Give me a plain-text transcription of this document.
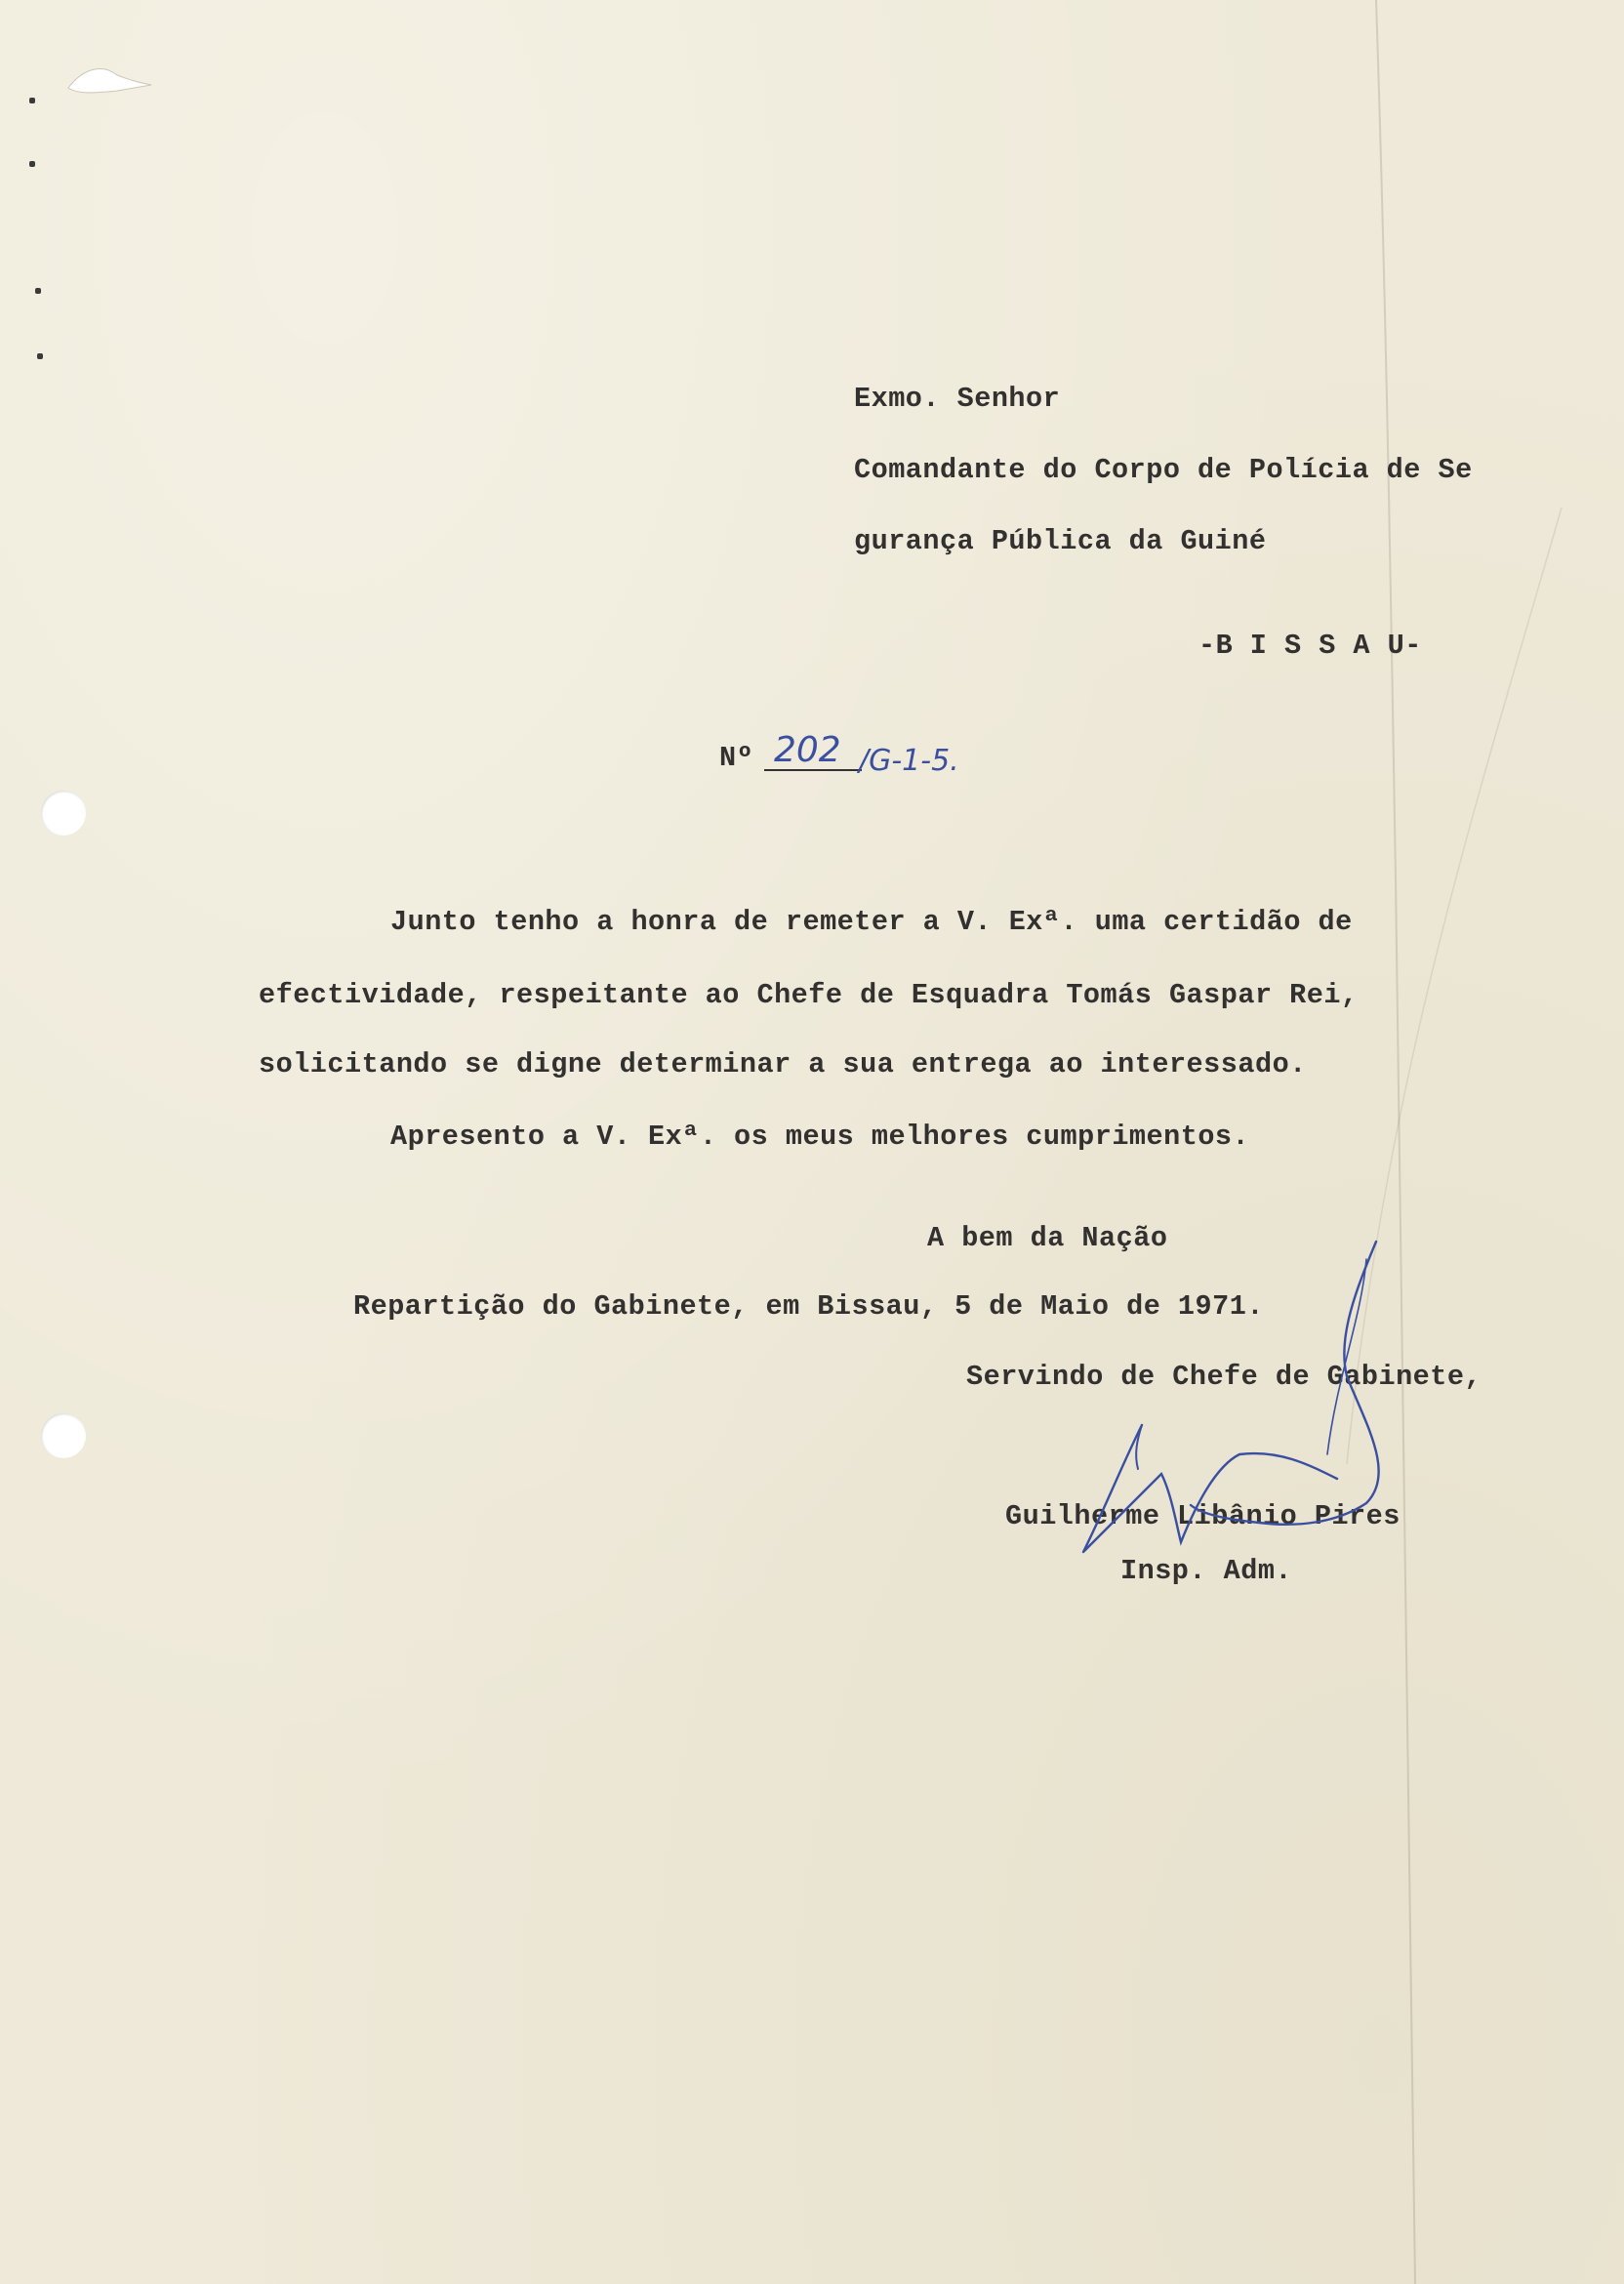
Exmo. Senhor
Comandante do Corpo de Polícia de Se
gurança Pública da Guiné
-B I S S A U-
Nº 202 /G-1-5.
Junto tenho a honra de remeter a V. Exª. uma certidão de
efectividade, respeitante ao Chefe de Esquadra Tomás Gaspar Rei,
solicitando se digne determinar a sua entrega ao interessado.
Apresento a V. Exª. os meus melhores cumprimentos.
A bem da Nação
Repartição do Gabinete, em Bissau, 5 de Maio de 1971.
Servindo de Chefe de Gabinete,
Guilherme Libânio Pires
Insp. Adm.
